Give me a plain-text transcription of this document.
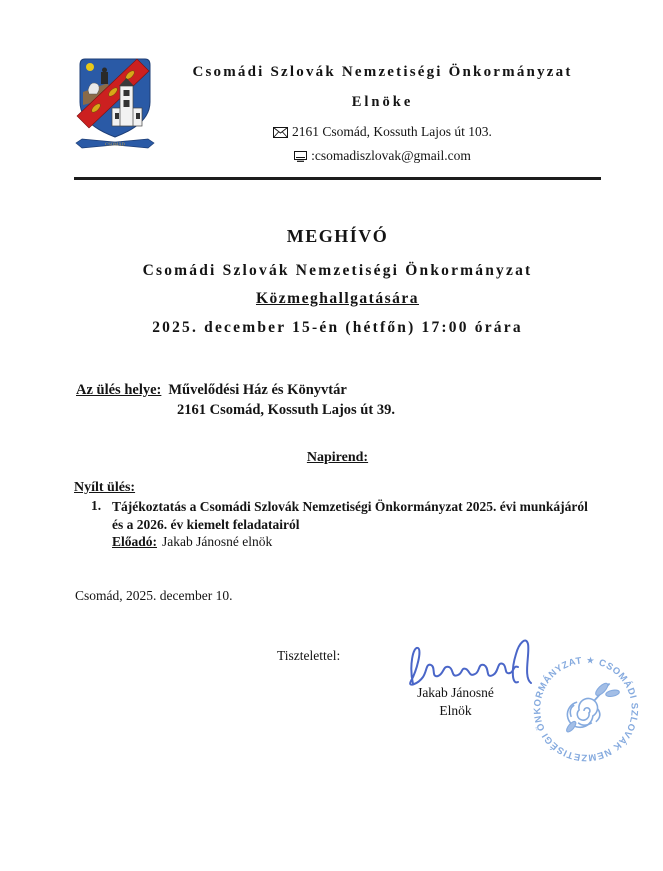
CSOMÁD
Csomádi Szlovák Nemzetiségi Önkormányzat
Elnöke
2161 Csomád, Kossuth Lajos út 103.
:csomadiszlovak@gmail.com
MEGHÍVÓ
Csomádi Szlovák Nemzetiségi Önkormányzat
Közmeghallgatására
2025. december 15-én (hétfőn) 17:00 órára
Az ülés helye: Művelődési Ház és Könyvtár
2161 Csomád, Kossuth Lajos út 39.
Napirend:
Nyílt ülés:
1. Tájékoztatás a Csomádi Szlovák Nemzetiségi Önkormányzat 2025. évi munkájáról és a 2026. év kiemelt feladatairól
Előadó: Jakab Jánosné elnök
Csomád, 2025. december 10.
Tisztelettel:
Jakab Jánosné
Elnök
★ CSOMÁDI SZLOVÁK NEMZETISÉGI ÖNKORMÁNYZAT
